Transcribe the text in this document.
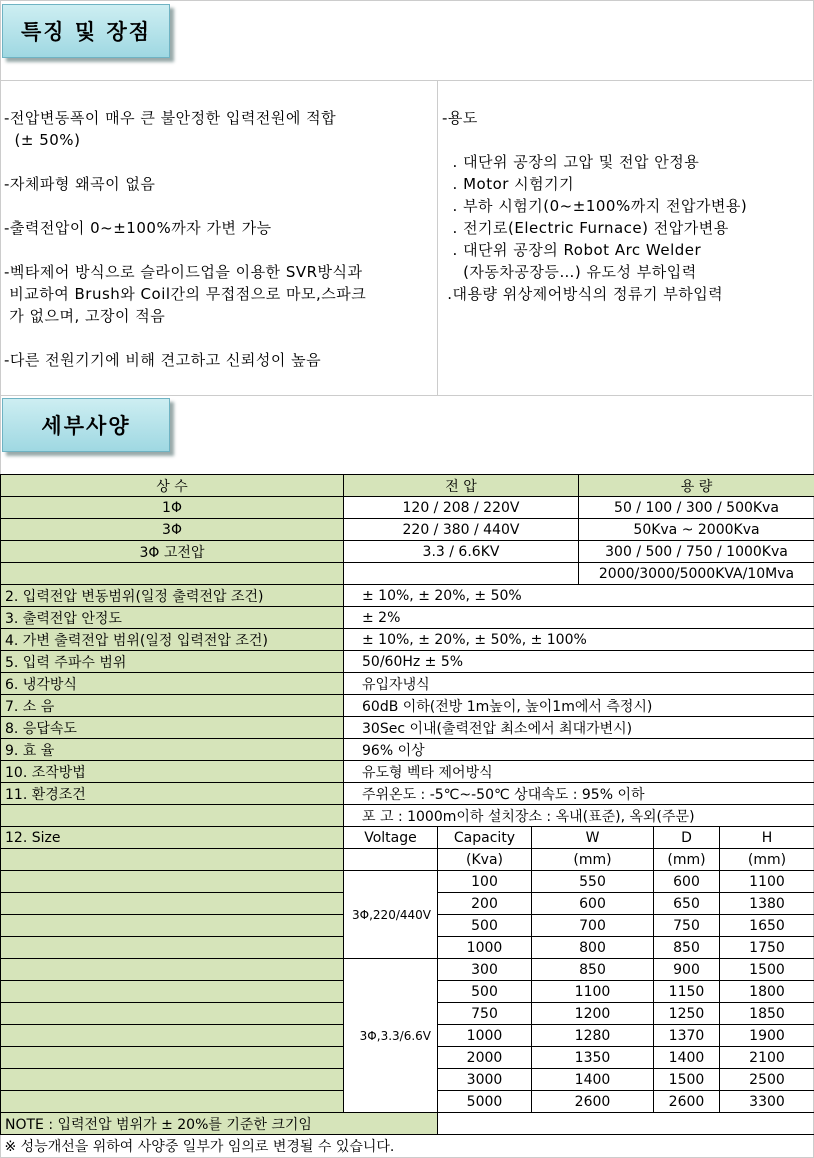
특징 및 장점
-전압변동폭이 매우 큰 불안정한 입력전원에 적합
(± 50%)
-자체파형 왜곡이 없음
-출력전압이 0~±100%까자 가변 가능
-벡타제어 방식으로 슬라이드업을 이용한 SVR방식과
비교하여 Brush와 Coil간의 무접점으로 마모,스파크
가 없으며, 고장이 적음
-다른 전원기기에 비해 견고하고 신뢰성이 높음
-용도
. 대단위 공장의 고압 및 전압 안정용
. Motor 시험기기
. 부하 시험기(0~±100%까지 전압가변용)
. 전기로(Electric Furnace) 전압가변용
. 대단위 공장의 Robot Arc Welder
(자동차공장등…) 유도성 부하입력
.대용량 위상제어방식의 정류기 부하입력
세부사양
상 수	전 압			용 량		
1Φ	120 / 208 / 220V			50 / 100 / 300 / 500Kva		
3Φ	220 / 380 / 440V			50Kva ~ 2000Kva		
3Φ 고전압	3.3 / 6.6KV			300 / 500 / 750 / 1000Kva		
				2000/3000/5000KVA/10Mva		
2. 입력전압 변동범위(일정 출력전압 조건)	± 10%, ± 20%, ± 50%					
3. 출력전압 안정도	± 2%					
4. 가변 출력전압 범위(일정 입력전압 조건)	± 10%, ± 20%, ± 50%, ± 100%					
5. 입력 주파수 범위	50/60Hz ± 5%					
6. 냉각방식	유입자냉식					
7. 소 음	60dB 이하(전방 1m높이, 높이1m에서 측정시)					
8. 응답속도	30Sec 이내(출력전압 최소에서 최대가변시)					
9. 효 율	96% 이상					
10. 조작방법	유도형 벡타 제어방식					
11. 환경조건	주위온도 : -5℃~-50℃ 상대속도 : 95% 이하					
	포 고 : 1000m이하 설치장소 : 옥내(표준), 옥외(주문)					
12. Size	Voltage	Capacity	W		D	H
		(Kva)	(mm)		(mm)	(mm)
	3Φ,220/440V	100	550		600	1100
		200	600		650	1380
		500	700		750	1650
		1000	800		850	1750
	3Φ,3.3/6.6V	300	850		900	1500
		500	1100		1150	1800
		750	1200		1250	1850
		1000	1280		1370	1900
		2000	1350		1400	2100
		3000	1400		1500	2500
		5000	2600		2600	3300
NOTE : 입력전압 범위가 ± 20%를 기준한 크기임						
※ 성능개선을 위하여 사양중 일부가 임의로 변경될 수 있습니다.						
